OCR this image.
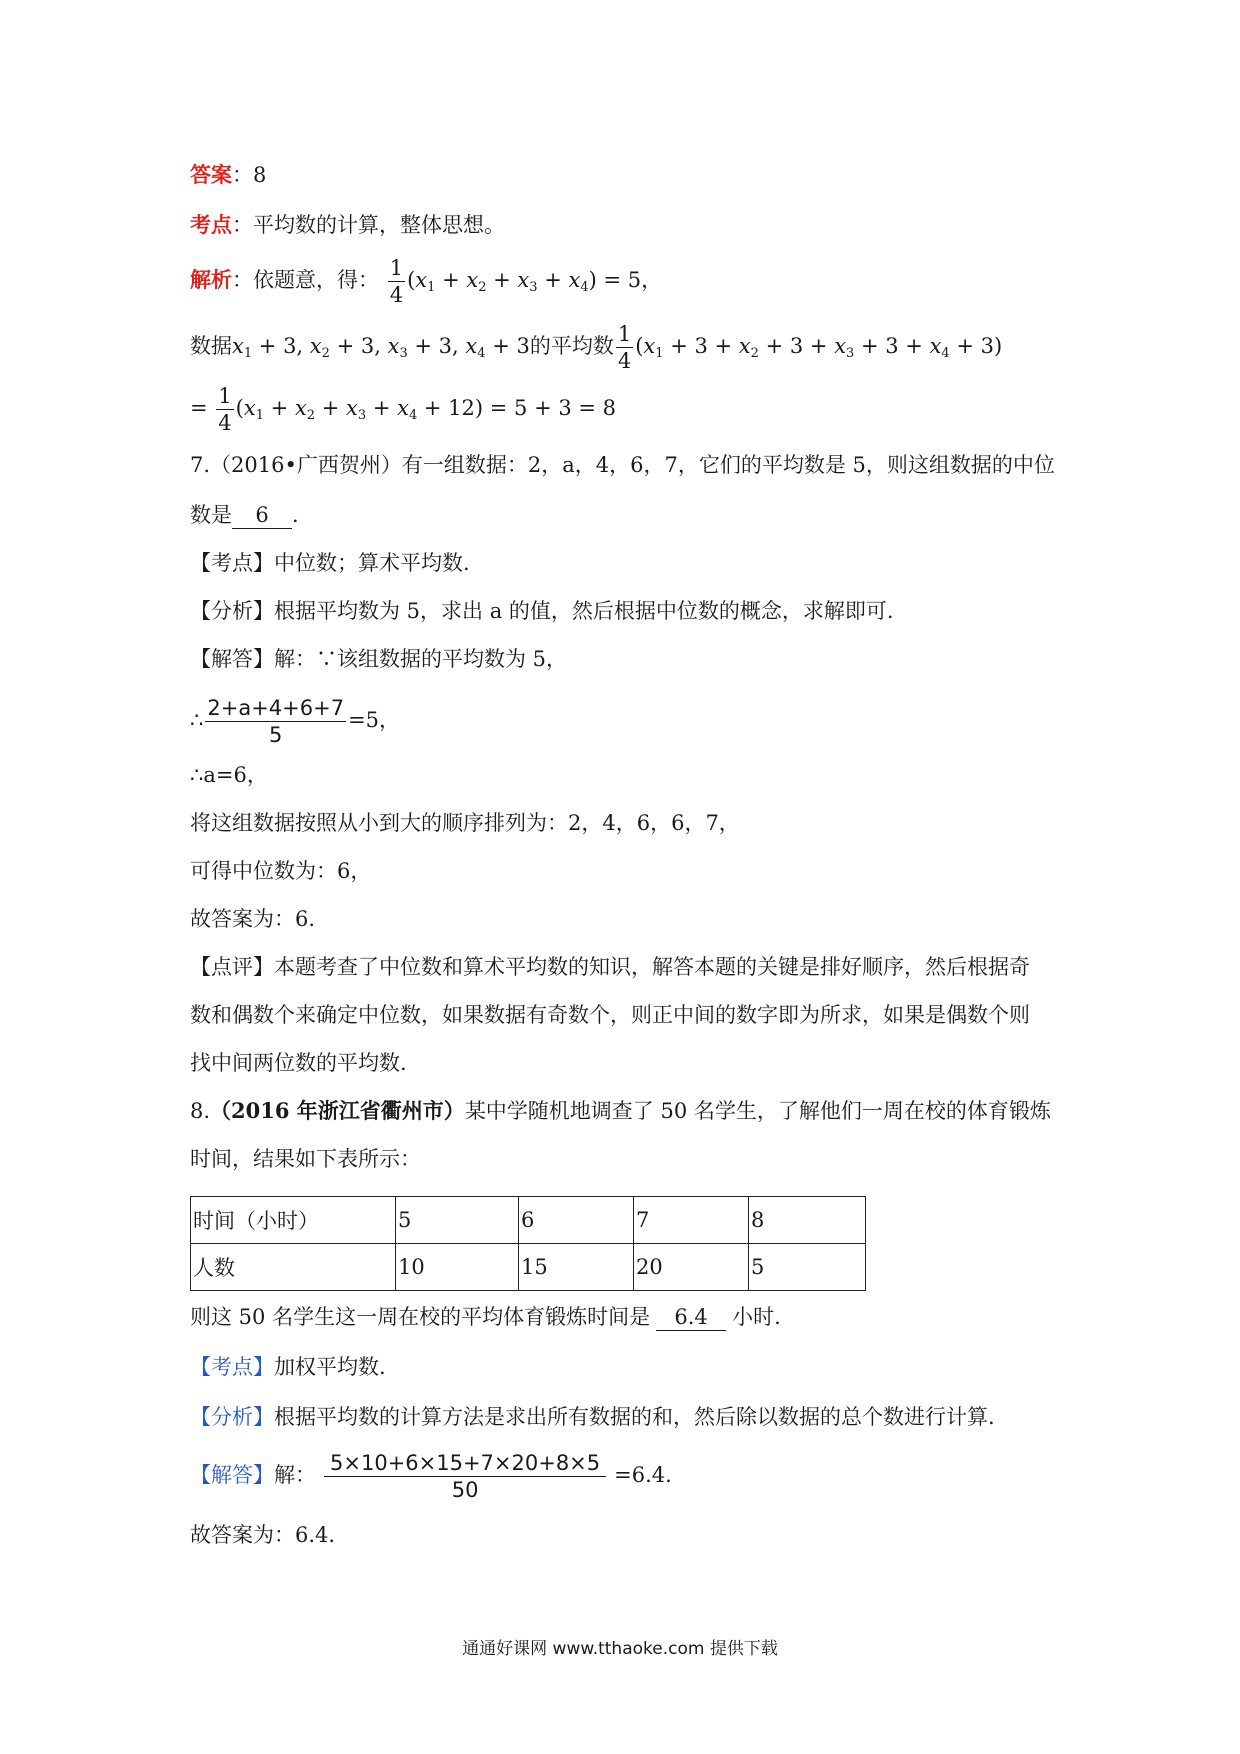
答案：8
考点：平均数的计算，整体思想。
解析：依题意，得： $\frac{1}{4} (x_1 + x_2 + x_3 + x_4) = 5$，
数据$x_1 + 3$, $x_2 + 3$, $x_3 + 3$, $x_4 + 3$的平均数 $\frac{1}{4} (x_1 + 3 + x_2 + 3 + x_3 + 3 + x_4 + 3)$
= $\frac{1}{4} (x_1 + x_2 + x_3 + x_4 + 12) = 5 + 3 = 8$
7.（2016•广西贺州）有一组数据：2，a，4，6，7，它们的平均数是 5，则这组数据的中位
数是 6 .
【考点】中位数；算术平均数.
【分析】根据平均数为 5，求出 a 的值，然后根据中位数的概念，求解即可.
【解答】解：∵该组数据的平均数为 5，
∴ $\frac{2+a+4+6+7}{5} =5$，
∴a=6，
将这组数据按照从小到大的顺序排列为：2，4，6，6，7，
可得中位数为：6，
故答案为：6.
【点评】本题考查了中位数和算术平均数的知识，解答本题的关键是排好顺序，然后根据奇
数和偶数个来确定中位数，如果数据有奇数个，则正中间的数字即为所求，如果是偶数个则
找中间两位数的平均数.
8.（2016 年浙江省衢州市）某中学随机地调查了 50 名学生，了解他们一周在校的体育锻炼
时间，结果如下表所示：
时间（小时）	5	6	7	8
人数	10	15	20	5
则这 50 名学生这一周在校的平均体育锻炼时间是 6.4 小时.
【考点】加权平均数.
【分析】根据平均数的计算方法是求出所有数据的和，然后除以数据的总个数进行计算.
【解答】解： $\frac{5\times 10+6\times 15+7\times 20+8\times 5}{50} =6.4$.
故答案为：6.4.
通通好课网 www.tthaoke.com 提供下载
